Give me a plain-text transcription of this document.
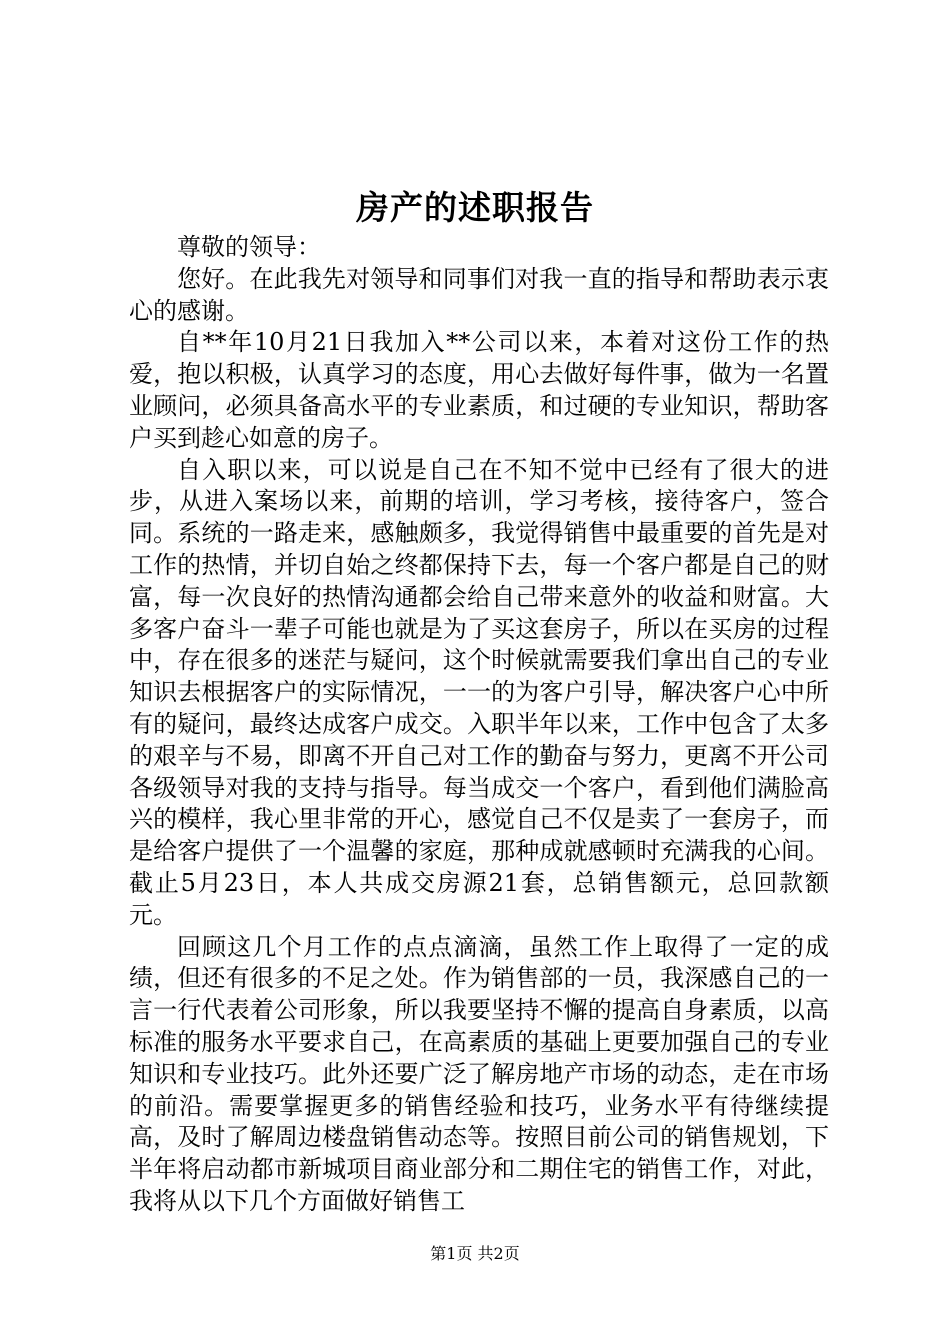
房产的述职报告

尊敬的领导：

您好。在此我先对领导和同事们对我一直的指导和帮助表示衷心的感谢。

自**年10月21日我加入**公司以来，本着对这份工作的热爱，抱以积极，认真学习的态度，用心去做好每件事，做为一名置业顾问，必须具备高水平的专业素质，和过硬的专业知识，帮助客户买到趁心如意的房子。

自入职以来，可以说是自己在不知不觉中已经有了很大的进步，从进入案场以来，前期的培训，学习考核，接待客户，签合同。系统的一路走来，感触颇多，我觉得销售中最重要的首先是对工作的热情，并切自始之终都保持下去，每一个客户都是自己的财富，每一次良好的热情沟通都会给自己带来意外的收益和财富。大多客户奋斗一辈子可能也就是为了买这套房子，所以在买房的过程中，存在很多的迷茫与疑问，这个时候就需要我们拿出自己的专业知识去根据客户的实际情况，一一的为客户引导，解决客户心中所有的疑问，最终达成客户成交。入职半年以来，工作中包含了太多的艰辛与不易，即离不开自己对工作的勤奋与努力，更离不开公司各级领导对我的支持与指导。每当成交一个客户，看到他们满脸高兴的模样，我心里非常的开心，感觉自己不仅是卖了一套房子，而是给客户提供了一个温馨的家庭，那种成就感顿时充满我的心间。截止5月23日，本人共成交房源21套，总销售额元，总回款额元。

回顾这几个月工作的点点滴滴，虽然工作上取得了一定的成绩，但还有很多的不足之处。作为销售部的一员，我深感自己的一言一行代表着公司形象，所以我要坚持不懈的提高自身素质，以高标准的服务水平要求自己，在高素质的基础上更要加强自己的专业知识和专业技巧。此外还要广泛了解房地产市场的动态，走在市场的前沿。需要掌握更多的销售经验和技巧，业务水平有待继续提高，及时了解周边楼盘销售动态等。按照目前公司的销售规划，下半年将启动都市新城项目商业部分和二期住宅的销售工作，对此，我将从以下几个方面做好销售工

第1页 共2页
